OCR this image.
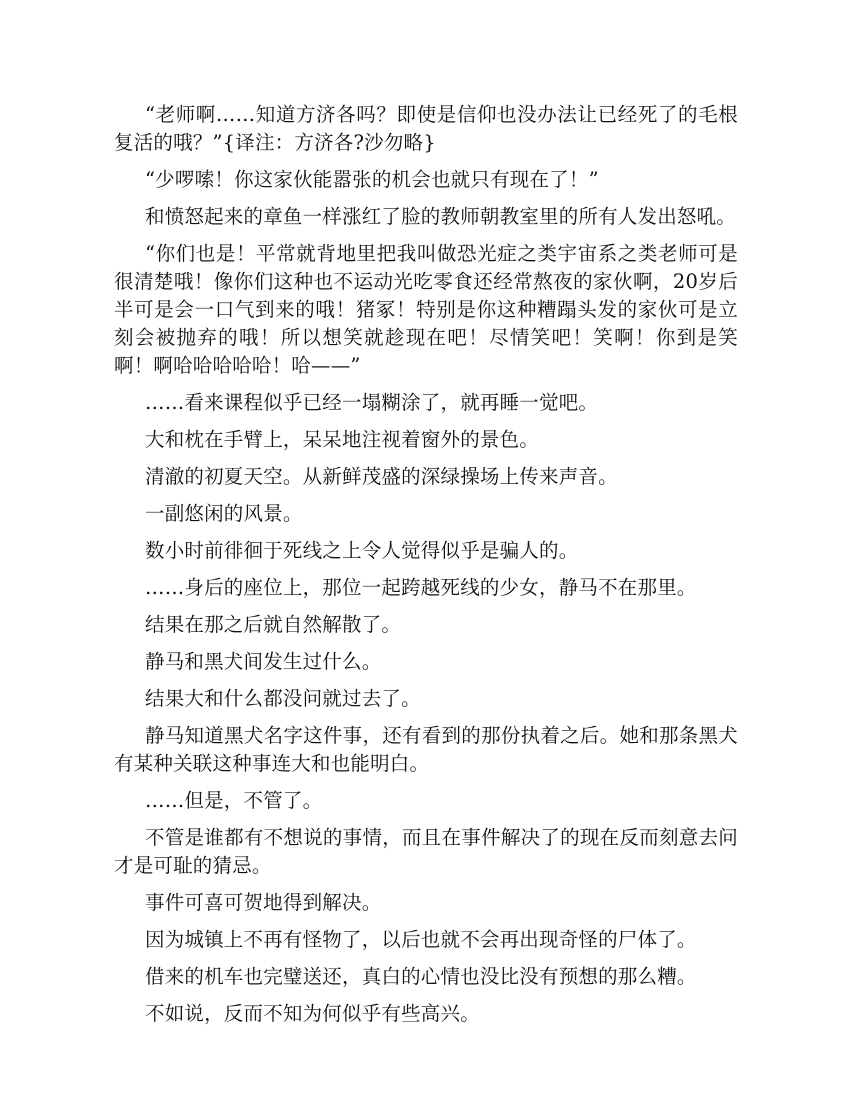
“老师啊……知道方济各吗？即使是信仰也没办法让已经死了的毛根复活的哦？”{译注：方济各?沙勿略}

“少啰嗦！你这家伙能嚣张的机会也就只有现在了！”

和愤怒起来的章鱼一样涨红了脸的教师朝教室里的所有人发出怒吼。

“你们也是！平常就背地里把我叫做恐光症之类宇宙系之类老师可是很清楚哦！像你们这种也不运动光吃零食还经常熬夜的家伙啊，20岁后半可是会一口气到来的哦！猪冢！特别是你这种糟蹋头发的家伙可是立刻会被抛弃的哦！所以想笑就趁现在吧！尽情笑吧！笑啊！你到是笑啊！啊哈哈哈哈哈！哈——”

……看来课程似乎已经一塌糊涂了，就再睡一觉吧。

大和枕在手臂上，呆呆地注视着窗外的景色。

清澈的初夏天空。从新鲜茂盛的深绿操场上传来声音。

一副悠闲的风景。

数小时前徘徊于死线之上令人觉得似乎是骗人的。

……身后的座位上，那位一起跨越死线的少女，静马不在那里。

结果在那之后就自然解散了。

静马和黑犬间发生过什么。

结果大和什么都没问就过去了。

静马知道黑犬名字这件事，还有看到的那份执着之后。她和那条黑犬有某种关联这种事连大和也能明白。

……但是，不管了。

不管是谁都有不想说的事情，而且在事件解决了的现在反而刻意去问才是可耻的猜忌。

事件可喜可贺地得到解决。

因为城镇上不再有怪物了，以后也就不会再出现奇怪的尸体了。

借来的机车也完璧送还，真白的心情也没比没有预想的那么糟。

不如说，反而不知为何似乎有些高兴。
